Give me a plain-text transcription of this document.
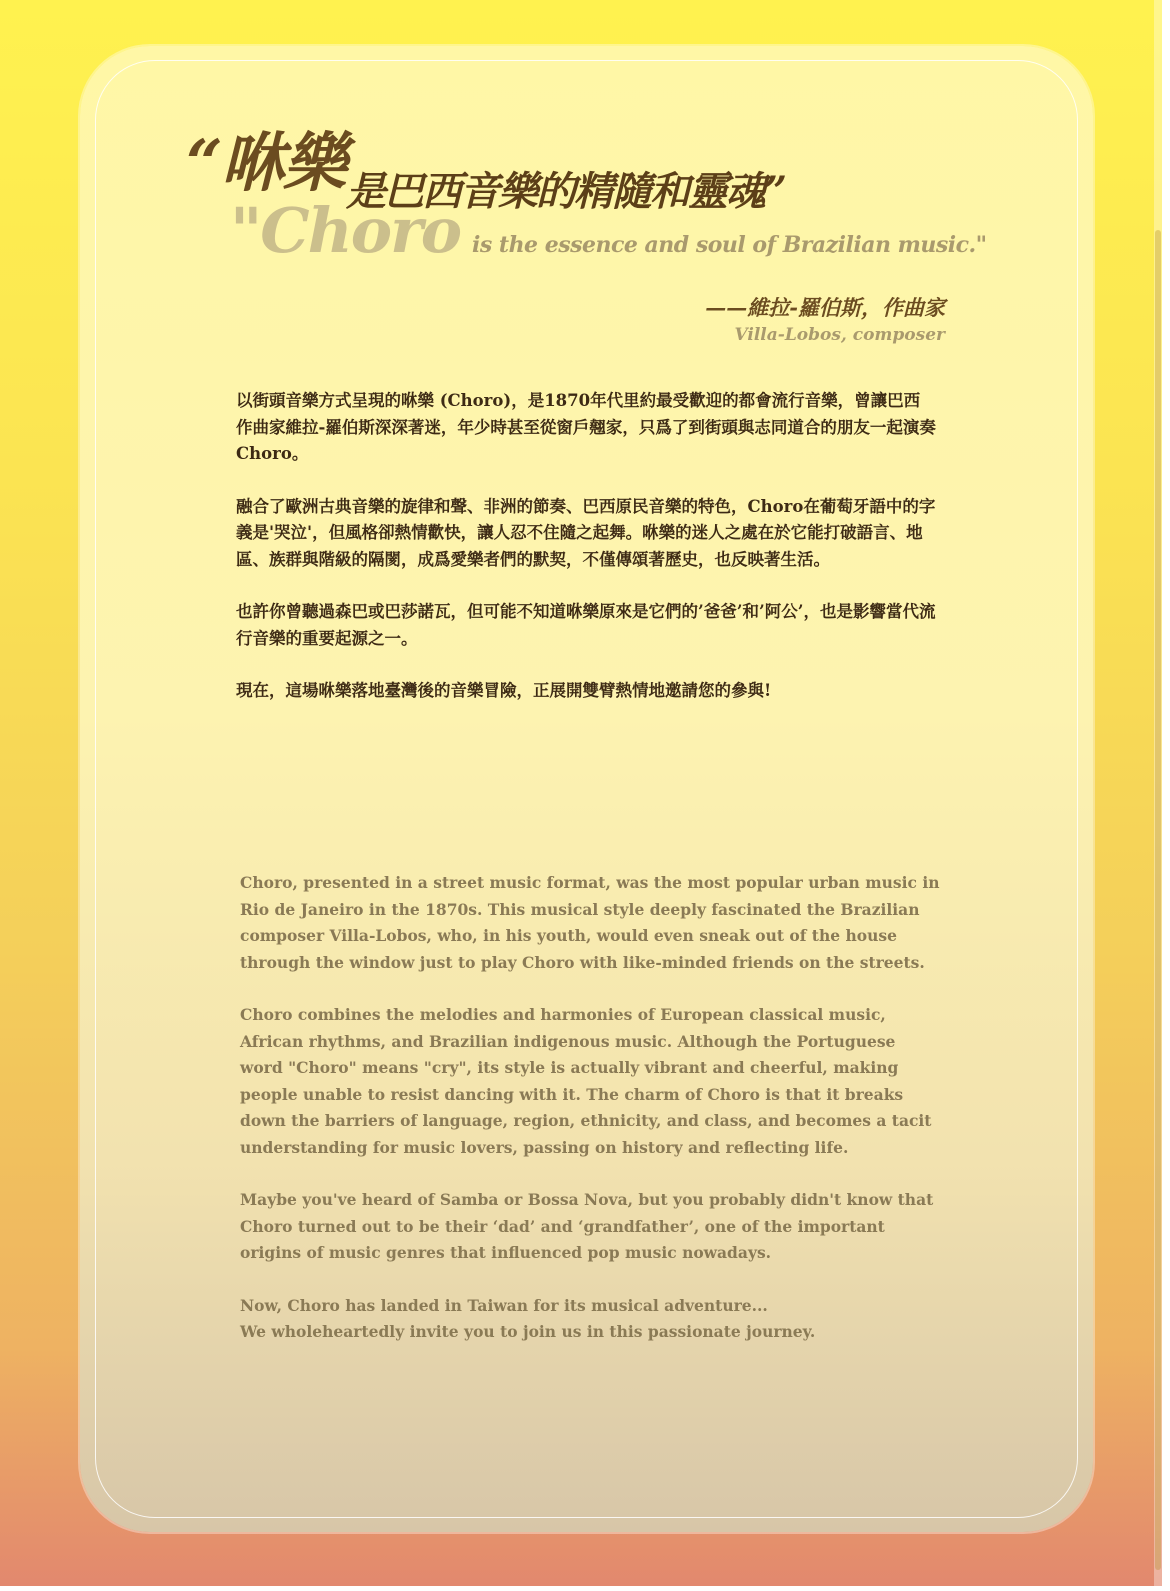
“咻樂 是巴西音樂的精隨和靈魂”
"Choro is the essence and soul of Brazilian music."
——維拉-羅伯斯，作曲家
Villa-Lobos, composer

以街頭音樂方式呈現的咻樂 (Choro)，是1870年代里約最受歡迎的都會流行音樂，曾讓巴西作曲家維拉-羅伯斯深深著迷，年少時甚至從窗戶翹家，只爲了到街頭與志同道合的朋友一起演奏Choro。

融合了歐洲古典音樂的旋律和聲、非洲的節奏、巴西原民音樂的特色，Choro在葡萄牙語中的字義是'哭泣'，但風格卻熱情歡快，讓人忍不住隨之起舞。咻樂的迷人之處在於它能打破語言、地區、族群與階級的隔閡，成爲愛樂者們的默契，不僅傳頌著歷史，也反映著生活。

也許你曾聽過森巴或巴莎諾瓦，但可能不知道咻樂原來是它們的’爸爸’和’阿公’，也是影響當代流行音樂的重要起源之一。

現在，這場咻樂落地臺灣後的音樂冒險，正展開雙臂熱情地邀請您的參與!

Choro, presented in a street music format, was the most popular urban music in Rio de Janeiro in the 1870s. This musical style deeply fascinated the Brazilian composer Villa-Lobos, who, in his youth, would even sneak out of the house through the window just to play Choro with like-minded friends on the streets.

Choro combines the melodies and harmonies of European classical music, African rhythms, and Brazilian indigenous music. Although the Portuguese word "Choro" means "cry", its style is actually vibrant and cheerful, making people unable to resist dancing with it. The charm of Choro is that it breaks down the barriers of language, region, ethnicity, and class, and becomes a tacit understanding for music lovers, passing on history and reflecting life.

Maybe you've heard of Samba or Bossa Nova, but you probably didn't know that Choro turned out to be their ‘dad’ and ‘grandfather’, one of the important origins of music genres that influenced pop music nowadays.

Now, Choro has landed in Taiwan for its musical adventure...
We wholeheartedly invite you to join us in this passionate journey.
